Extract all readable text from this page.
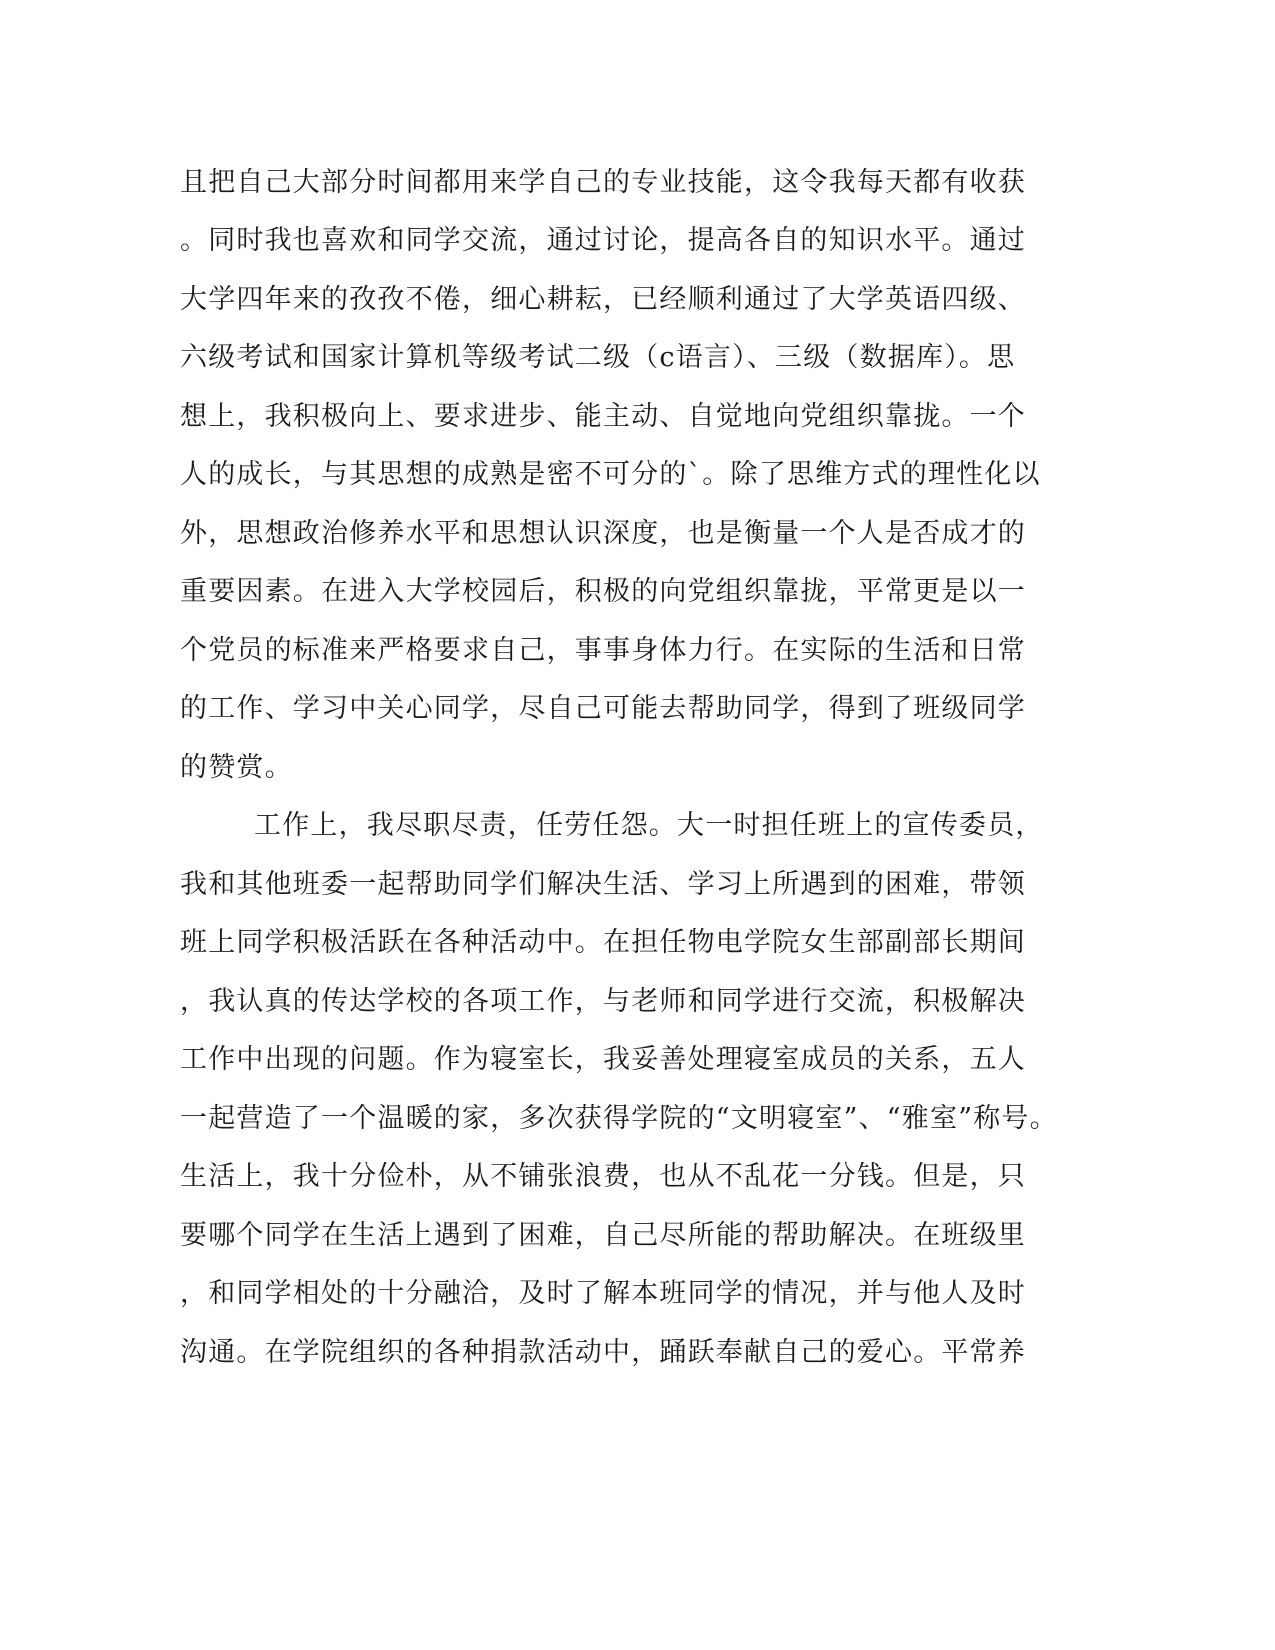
且把自己大部分时间都用来学自己的专业技能，这令我每天都有收获
。同时我也喜欢和同学交流，通过讨论，提高各自的知识水平。通过
大学四年来的孜孜不倦，细心耕耘，已经顺利通过了大学英语四级、
六级考试和国家计算机等级考试二级（c语言）、三级（数据库）。思
想上，我积极向上、要求进步、能主动、自觉地向党组织靠拢。一个
人的成长，与其思想的成熟是密不可分的`。除了思维方式的理性化以
外，思想政治修养水平和思想认识深度，也是衡量一个人是否成才的
重要因素。在进入大学校园后，积极的向党组织靠拢，平常更是以一
个党员的标准来严格要求自己，事事身体力行。在实际的生活和日常
的工作、学习中关心同学，尽自己可能去帮助同学，得到了班级同学
的赞赏。
工作上，我尽职尽责，任劳任怨。大一时担任班上的宣传委员，
我和其他班委一起帮助同学们解决生活、学习上所遇到的困难，带领
班上同学积极活跃在各种活动中。在担任物电学院女生部副部长期间
，我认真的传达学校的各项工作，与老师和同学进行交流，积极解决
工作中出现的问题。作为寝室长，我妥善处理寝室成员的关系，五人
一起营造了一个温暖的家，多次获得学院的“文明寝室”、“雅室”称号。
生活上，我十分俭朴，从不铺张浪费，也从不乱花一分钱。但是，只
要哪个同学在生活上遇到了困难，自己尽所能的帮助解决。在班级里
，和同学相处的十分融洽，及时了解本班同学的情况，并与他人及时
沟通。在学院组织的各种捐款活动中，踊跃奉献自己的爱心。平常养
